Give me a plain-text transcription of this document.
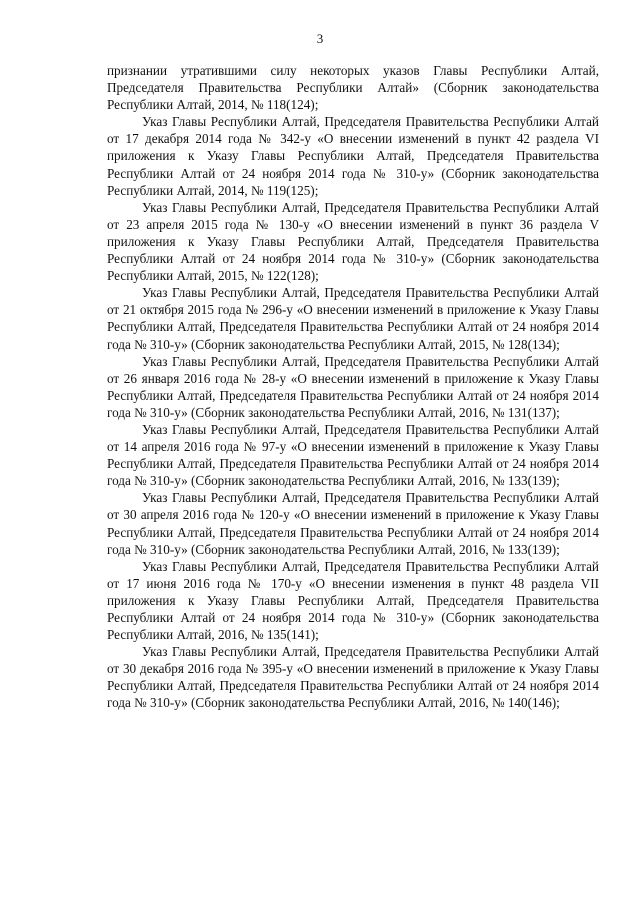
3

признании утратившими силу некоторых указов Главы Республики Алтай, Председателя Правительства Республики Алтай» (Сборник законодательства Республики Алтай, 2014, № 118(124);

Указ Главы Республики Алтай, Председателя Правительства Республики Алтай от 17 декабря 2014 года № 342-у «О внесении изменений в пункт 42 раздела VI приложения к Указу Главы Республики Алтай, Председателя Правительства Республики Алтай от 24 ноября 2014 года № 310-у» (Сборник законодательства Республики Алтай, 2014, № 119(125);

Указ Главы Республики Алтай, Председателя Правительства Республики Алтай от 23 апреля 2015 года № 130-у «О внесении изменений в пункт 36 раздела V приложения к Указу Главы Республики Алтай, Председателя Правительства Республики Алтай от 24 ноября 2014 года № 310-у» (Сборник законодательства Республики Алтай, 2015, № 122(128);

Указ Главы Республики Алтай, Председателя Правительства Республики Алтай от 21 октября 2015 года № 296-у «О внесении изменений в приложение к Указу Главы Республики Алтай, Председателя Правительства Республики Алтай от 24 ноября 2014 года № 310-у» (Сборник законодательства Республики Алтай, 2015, № 128(134);

Указ Главы Республики Алтай, Председателя Правительства Республики Алтай от 26 января 2016 года № 28-у «О внесении изменений в приложение к Указу Главы Республики Алтай, Председателя Правительства Республики Алтай от 24 ноября 2014 года № 310-у» (Сборник законодательства Республики Алтай, 2016, № 131(137);

Указ Главы Республики Алтай, Председателя Правительства Республики Алтай от 14 апреля 2016 года № 97-у «О внесении изменений в приложение к Указу Главы Республики Алтай, Председателя Правительства Республики Алтай от 24 ноября 2014 года № 310-у» (Сборник законодательства Республики Алтай, 2016, № 133(139);

Указ Главы Республики Алтай, Председателя Правительства Республики Алтай от 30 апреля 2016 года № 120-у «О внесении изменений в приложение к Указу Главы Республики Алтай, Председателя Правительства Республики Алтай от 24 ноября 2014 года № 310-у» (Сборник законодательства Республики Алтай, 2016, № 133(139);

Указ Главы Республики Алтай, Председателя Правительства Республики Алтай от 17 июня 2016 года № 170-у «О внесении изменения в пункт 48 раздела VII приложения к Указу Главы Республики Алтай, Председателя Правительства Республики Алтай от 24 ноября 2014 года № 310-у» (Сборник законодательства Республики Алтай, 2016, № 135(141);

Указ Главы Республики Алтай, Председателя Правительства Республики Алтай от 30 декабря 2016 года № 395-у «О внесении изменений в приложение к Указу Главы Республики Алтай, Председателя Правительства Республики Алтай от 24 ноября 2014 года № 310-у» (Сборник законодательства Республики Алтай, 2016, № 140(146);
